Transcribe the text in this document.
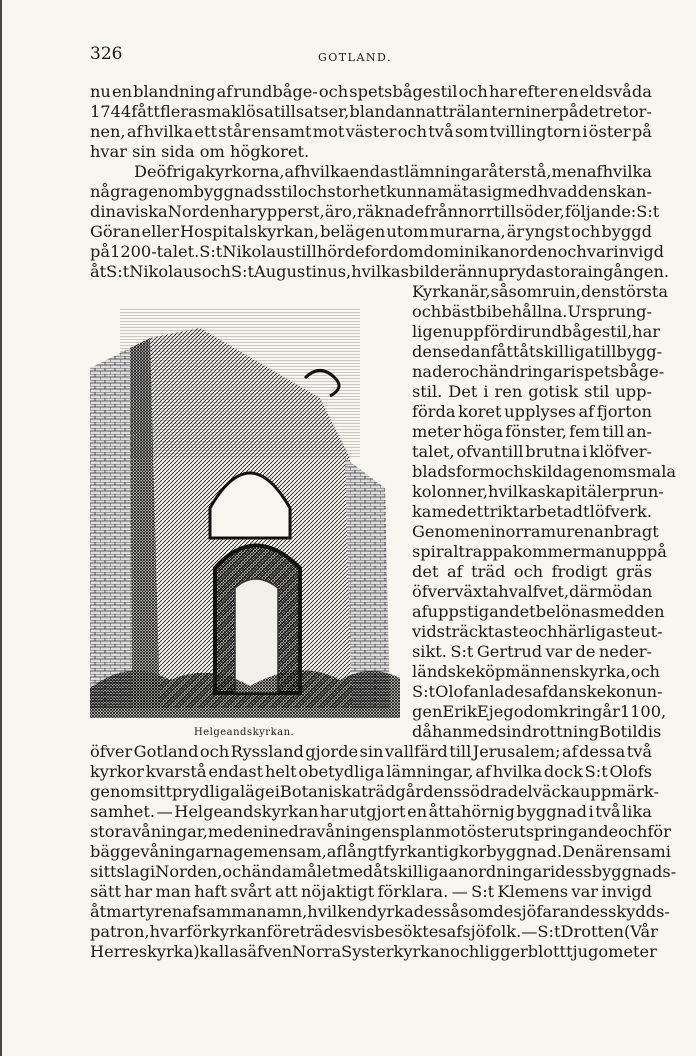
326	GOTLAND.
nu en blandning af rundbåge- och spetsbågestil och har efter en eldsvåda
1744 fått flera smaklösa tillsatser, bland annat trälanterniner på de tre tor-
nen, af hvilka ett står ensamt mot väster och två som tvillingtorn i öster på
hvar sin sida om högkoret.
De öfriga kyrkorna, af hvilka endast lämningar återstå, men af hvilka
några genom byggnadsstil och storhet kunna mäta sig med hvad den skan-
dinaviska Norden har ypperst, äro, räknade från norr till söder, följande: S:t
Göran eller Hospitalskyrkan, belägen utom murarna, är yngst och byggd
på 1200-talet. S:t Nikolaus tillhörde fordom dominikanorden och var invigd
åt S:t Nikolaus och S:t Augustinus, hvilkas bilder ännu pryda stora ingången.
Kyrkan är, såsom ruin, den största
och bäst bibehållna. Ursprung-
ligen uppförd i rundbågestil, har
den sedan fått åtskilliga tillbygg-
nader och ändringar i spetsbåge-
stil. Det i ren gotisk stil upp-
förda koret upplyses af fjorton
meter höga fönster, fem till an-
talet, ofvantill brutna i klöfver-
bladsform och skilda genom smala
kolonner, hvilkas kapitäler prun-
ka med ett rikt arbetadt löfverk.
Genom en i norra muren anbragt
spiraltrappa kommer man upp på
det af träd och frodigt gräs
öfverväxta hvalfvet, där mödan
af uppstigandet belönas med den
vidsträcktaste och härligaste ut-
sikt. S:t Gertrud var de neder-
ländske köpmännens kyrka, och
S:t Olof anlades af danske konun-
gen Erik Ejegod omkring år 1100,
då han med sin drottning Botildis
öfver Gotland och Ryssland gjorde sin vallfärd till Jerusalem; af dessa två
kyrkor kvarstå endast helt obetydliga lämningar, af hvilka dock S:t Olofs
genom sitt prydliga läge i Botaniska trädgårdens södra del väcka uppmärk-
samhet. — Helgeandskyrkan har utgjort en åttahörnig byggnad i två lika
stora våningar, med en i nedra våningens plan mot öster utspringande och för
bägge våningarna gemensam, aflångt fyrkantig korbyggnad. Den är ensam i
sitt slag i Norden, och ändamålet med åtskilliga anordningar i dess byggnads-
sätt har man haft svårt att nöjaktigt förklara. — S:t Klemens var invigd
åt martyren af samma namn, hvilken dyrkades såsom de sjöfarandes skydds-
patron, hvarför kyrkan företrädesvis besöktes af sjöfolk. — S:t Drotten (Vår
Herres kyrka) kallas äfven Norra Systerkyrkan och ligger blott tjugo meter
Helgeandskyrkan.
